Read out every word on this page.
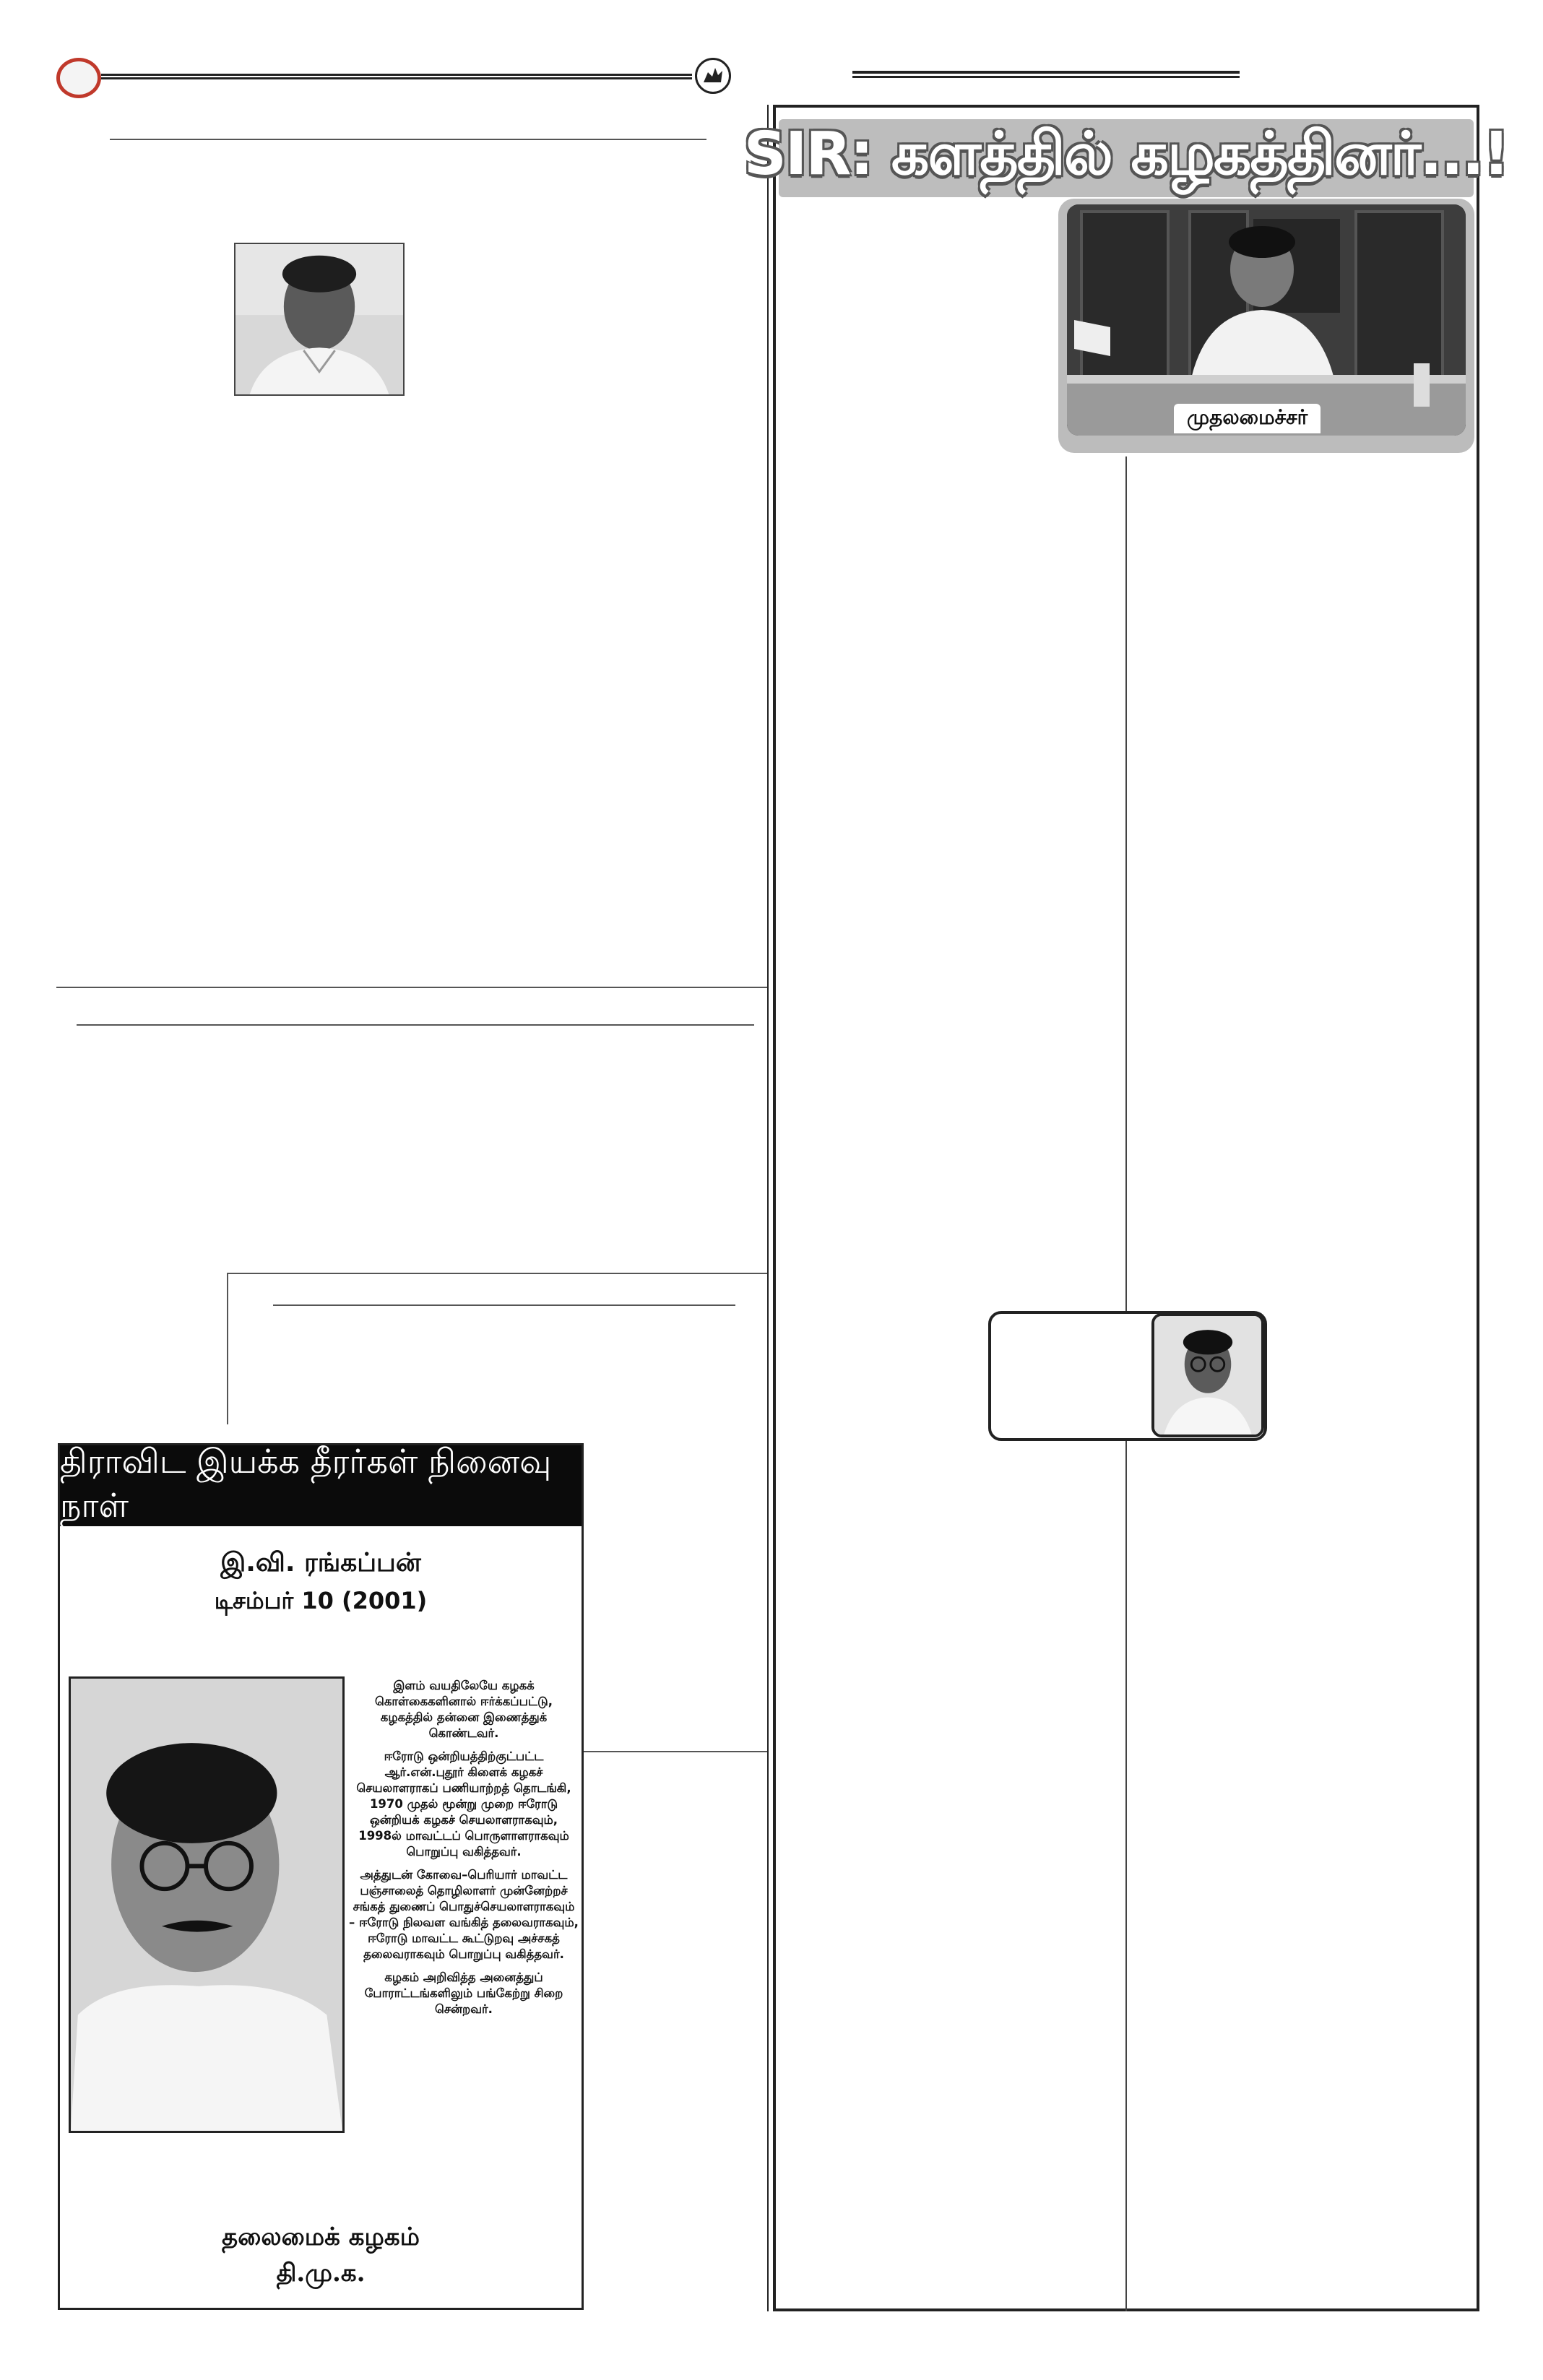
திராவிட இயக்க தீரர்கள் நினைவு நாள்
இ.வி. ரங்கப்பன்
டிசம்பர் 10 (2001)

இளம் வயதிலேயே கழகக் கொள்கைகளினால் ஈர்க்கப்பட்டு, கழகத்தில் தன்னை இணைத்துக் கொண்டவர்.

ஈரோடு ஒன்றியத்திற்குட்பட்ட ஆர்.என்.புதூர் கிளைக் கழகச் செயலாளராகப் பணியாற்றத் தொடங்கி, 1970 முதல் மூன்று முறை ஈரோடு ஒன்றியக் கழகச் செயலாளராகவும், 1998ல் மாவட்டப் பொருளாளராகவும் பொறுப்பு வகித்தவர்.

அத்துடன் கோவை–பெரியார் மாவட்ட பஞ்சாலைத் தொழிலாளர் முன்னேற்றச் சங்கத் துணைப் பொதுச்செயலாளராகவும் – ஈரோடு நிலவள வங்கித் தலைவராகவும், ஈரோடு மாவட்ட கூட்டுறவு அச்சகத் தலைவராகவும் பொறுப்பு வகித்தவர்.

கழகம் அறிவித்த அனைத்துப் போராட்டங்களிலும் பங்கேற்று சிறை சென்றவர்.

தலைமைக் கழகம்
தி.மு.க.
SIR: களத்தில் கழகத்தினர்...!
முதலமைச்சர்
